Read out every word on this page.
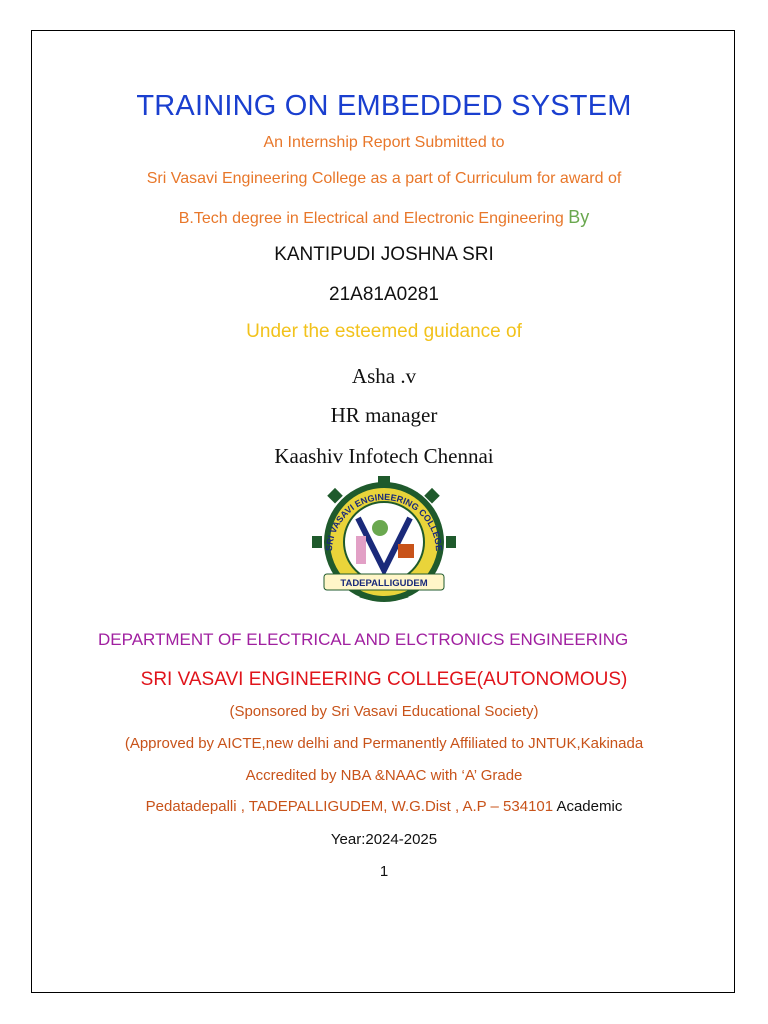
TRAINING ON EMBEDDED SYSTEM
An Internship Report Submitted to
Sri Vasavi Engineering College as a part of Curriculum for award of
B.Tech degree in Electrical and Electronic Engineering By
KANTIPUDI JOSHNA SRI
21A81A0281
Under the esteemed guidance of
Asha .v
HR manager
Kaashiv Infotech Chennai
SRI VASAVI ENGINEERING COLLEGE
TADEPALLIGUDEM
DEPARTMENT OF ELECTRICAL AND ELCTRONICS ENGINEERING
SRI VASAVI ENGINEERING COLLEGE(AUTONOMOUS)
(Sponsored by Sri Vasavi Educational Society)
(Approved by AICTE,new delhi and Permanently Affiliated to JNTUK,Kakinada
Accredited by NBA &NAAC with ‘A’ Grade
Pedatadepalli , TADEPALLIGUDEM, W.G.Dist , A.P – 534101 Academic
Year:2024-2025
1
